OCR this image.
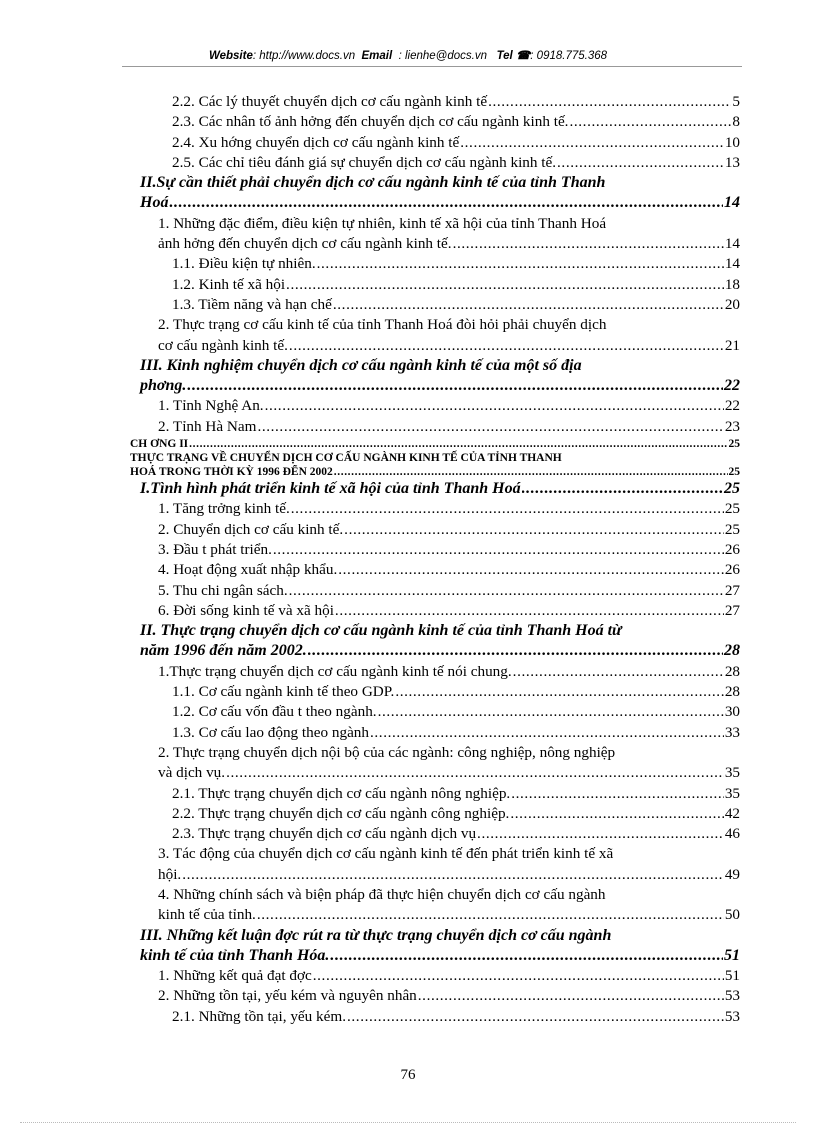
Website: http://www.docs.vn Email : lienhe@docs.vn Tel ☎: 0918.775.368
2.2. Các lý thuyết chuyển dịch cơ cấu ngành kinh tế .....	5
2.3. Các nhân tố ảnh hởng đến chuyển dịch cơ cấu ngành kinh tế. .....	8
2.4. Xu hớng chuyển dịch cơ cấu ngành kinh tế .....	10
2.5. Các chỉ tiêu đánh giá sự chuyển dịch cơ cấu ngành kinh tế. .....	13
II.Sự cần thiết phải chuyển dịch cơ cấu ngành kinh tế của tỉnh Thanh
Hoá .....	14
1. Những đặc điểm, điều kiện tự nhiên, kinh tế xã hội của tỉnh Thanh Hoá
ảnh hởng đến chuyển dịch cơ cấu ngành kinh tế. .....	14
1.1. Điều kiện tự nhiên. .....	14
1.2. Kinh tế xã hội .....	18
1.3. Tiềm năng và hạn chế .....	20
2. Thực trạng cơ cấu kinh tế của tỉnh Thanh Hoá đòi hỏi phải chuyển dịch
cơ cấu ngành kinh tế. .....	21
III. Kinh nghiệm chuyển dịch cơ cấu ngành kinh tế của một số địa
phơng. .....	22
1. Tỉnh Nghệ An. .....	22
2. Tỉnh Hà Nam .....	23
CH ƠNG II .....	25
THỰC TRẠNG VỀ CHUYỂN DỊCH CƠ CẤU NGÀNH KINH TẾ CỦA TỈNH THANH
HOÁ TRONG THỜI KỲ 1996 ĐẾN 2002 .....	25
I.Tình hình phát triển kinh tế xã hội của tỉnh Thanh Hoá .....	25
1. Tăng trởng kinh tế. .....	25
2. Chuyển dịch cơ cấu kinh tế. .....	25
3. Đầu t phát triển. .....	26
4. Hoạt động xuất nhập khẩu. .....	26
5. Thu chi ngân sách. .....	27
6. Đời sống kinh tế và xã hội .....	27
II. Thực trạng chuyển dịch cơ cấu ngành kinh tế của tỉnh Thanh Hoá từ
năm 1996 đến năm 2002. .....	28
1.Thực trạng chuyển dịch cơ cấu ngành kinh tế nói chung. .....	28
1.1. Cơ cấu ngành kinh tế theo GDP. .....	28
1.2. Cơ cấu vốn đầu t theo ngành. .....	30
1.3. Cơ cấu lao động theo ngành .....	33
2. Thực trạng chuyển dịch nội bộ của các ngành: công nghiệp, nông nghiệp
và dịch vụ. .....	35
2.1. Thực trạng chuyển dịch cơ cấu ngành nông nghiệp. .....	35
2.2. Thực trạng chuyển dịch cơ cấu ngành công nghiệp. .....	42
2.3. Thực trạng chuyển dịch cơ cấu ngành dịch vụ .....	46
3. Tác động của chuyển dịch cơ cấu ngành kinh tế đến phát triển kinh tế xã
hội. .....	49
4. Những chính sách và biện pháp đã thực hiện chuyển dịch cơ cấu ngành
kinh tế của tỉnh. .....	50
III. Những kết luận đợc rút ra từ thực trạng chuyển dịch cơ cấu ngành
kinh tế của tỉnh Thanh Hóa. .....	51
1. Những kết quả đạt đợc .....	51
2. Những tồn tại, yếu kém và nguyên nhân .....	53
2.1. Những tồn tại, yếu kém. .....	53
76
